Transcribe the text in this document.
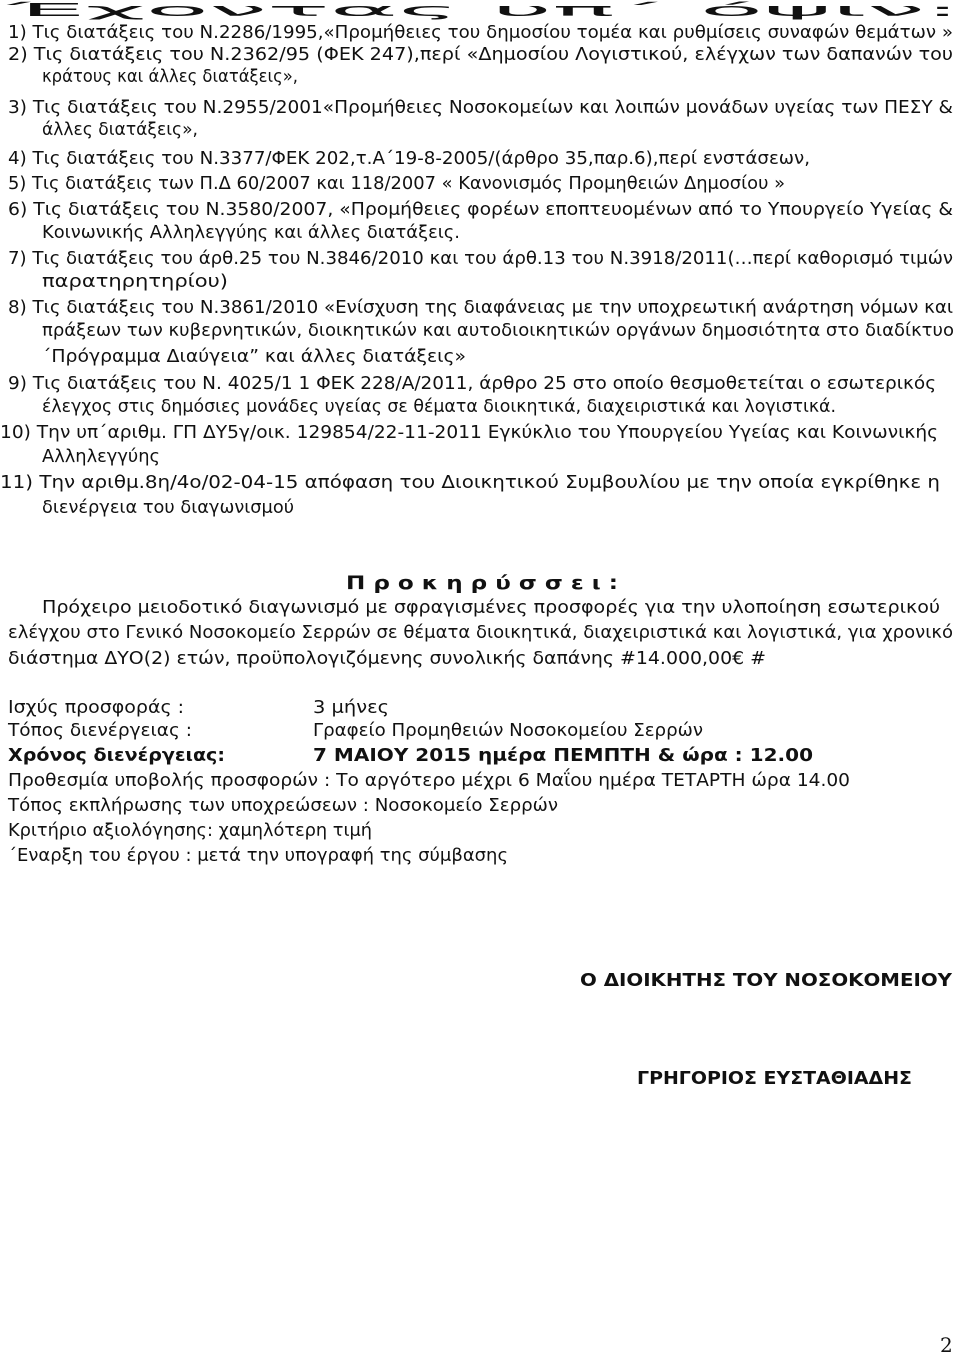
Έχοντας υπ΄ όψιν:
1) Τις διατάξεις του Ν.2286/1995,«Προμήθειες του δημοσίου τομέα και ρυθμίσεις συναφών θεμάτων »
2) Τις διατάξεις του Ν.2362/95 (ΦΕΚ 247),περί «Δημοσίου Λογιστικού, ελέγχων των δαπανών του
κράτους και άλλες διατάξεις»,
3) Τις διατάξεις του Ν.2955/2001«Προμήθειες Νοσοκομείων και λοιπών μονάδων υγείας των ΠΕΣΥ &
άλλες διατάξεις»,
4) Τις διατάξεις του Ν.3377/ΦΕΚ 202,τ.Α΄19-8-2005/(άρθρο 35,παρ.6),περί ενστάσεων,
5) Τις διατάξεις των Π.Δ 60/2007 και 118/2007 « Κανονισμός Προμηθειών Δημοσίου »
6) Τις διατάξεις του Ν.3580/2007, «Προμήθειες φορέων εποπτευομένων από το Υπουργείο Υγείας &
Κοινωνικής Αλληλεγγύης και άλλες διατάξεις.
7) Τις διατάξεις του άρθ.25 του Ν.3846/2010 και του άρθ.13 του Ν.3918/2011(…περί καθορισμό τιμών
παρατηρητηρίου)
8) Τις διατάξεις του Ν.3861/2010 «Ενίσχυση της διαφάνειας με την υποχρεωτική ανάρτηση νόμων και
πράξεων των κυβερνητικών, διοικητικών και αυτοδιοικητικών οργάνων δημοσιότητα στο διαδίκτυο
΄Πρόγραμμα Διαύγεια” και άλλες διατάξεις»
9) Τις διατάξεις του Ν. 4025/1 1 ΦΕΚ 228/Α/2011, άρθρο 25 στο οποίο θεσμοθετείται ο εσωτερικός
έλεγχος στις δημόσιες μονάδες υγείας σε θέματα διοικητικά, διαχειριστικά και λογιστικά.
10) Την υπ΄αριθμ. ΓΠ ΔΥ5γ/οικ. 129854/22-11-2011 Εγκύκλιο του Υπουργείου Υγείας και Κοινωνικής
Αλληλεγγύης
11) Την αριθμ.8η/4ο/02-04-15 απόφαση του Διοικητικού Συμβουλίου με την οποία εγκρίθηκε η
διενέργεια του διαγωνισμού
Π ρ ο κ η ρ ύ σ σ ε ι :
Πρόχειρο μειοδοτικό διαγωνισμό με σφραγισμένες προσφορές για την υλοποίηση εσωτερικού
ελέγχου στο Γενικό Νοσοκομείο Σερρών σε θέματα διοικητικά, διαχειριστικά και λογιστικά, για χρονικό
διάστημα ΔΥΟ(2) ετών, προϋπολογιζόμενης συνολικής δαπάνης #14.000,00€ #
Ισχύς προσφοράς :	3 μήνες
Τόπος διενέργειας :	Γραφείο Προμηθειών Νοσοκομείου Σερρών
Χρόνος διενέργειας:	7 ΜΑΙΟΥ 2015 ημέρα ΠΕΜΠΤΗ & ώρα : 12.00
Προθεσμία υποβολής προσφορών : Το αργότερο μέχρι 6 Μαΐου ημέρα ΤΕΤΑΡΤΗ ώρα 14.00
Τόπος εκπλήρωσης των υποχρεώσεων : Νοσοκομείο Σερρών
Κριτήριο αξιολόγησης: χαμηλότερη τιμή
΄Εναρξη του έργου : μετά την υπογραφή της σύμβασης
Ο ΔΙΟΙΚΗΤΗΣ ΤΟΥ ΝΟΣΟΚΟΜΕΙΟΥ
ΓΡΗΓΟΡΙΟΣ ΕΥΣΤΑΘΙΑΔΗΣ
2
